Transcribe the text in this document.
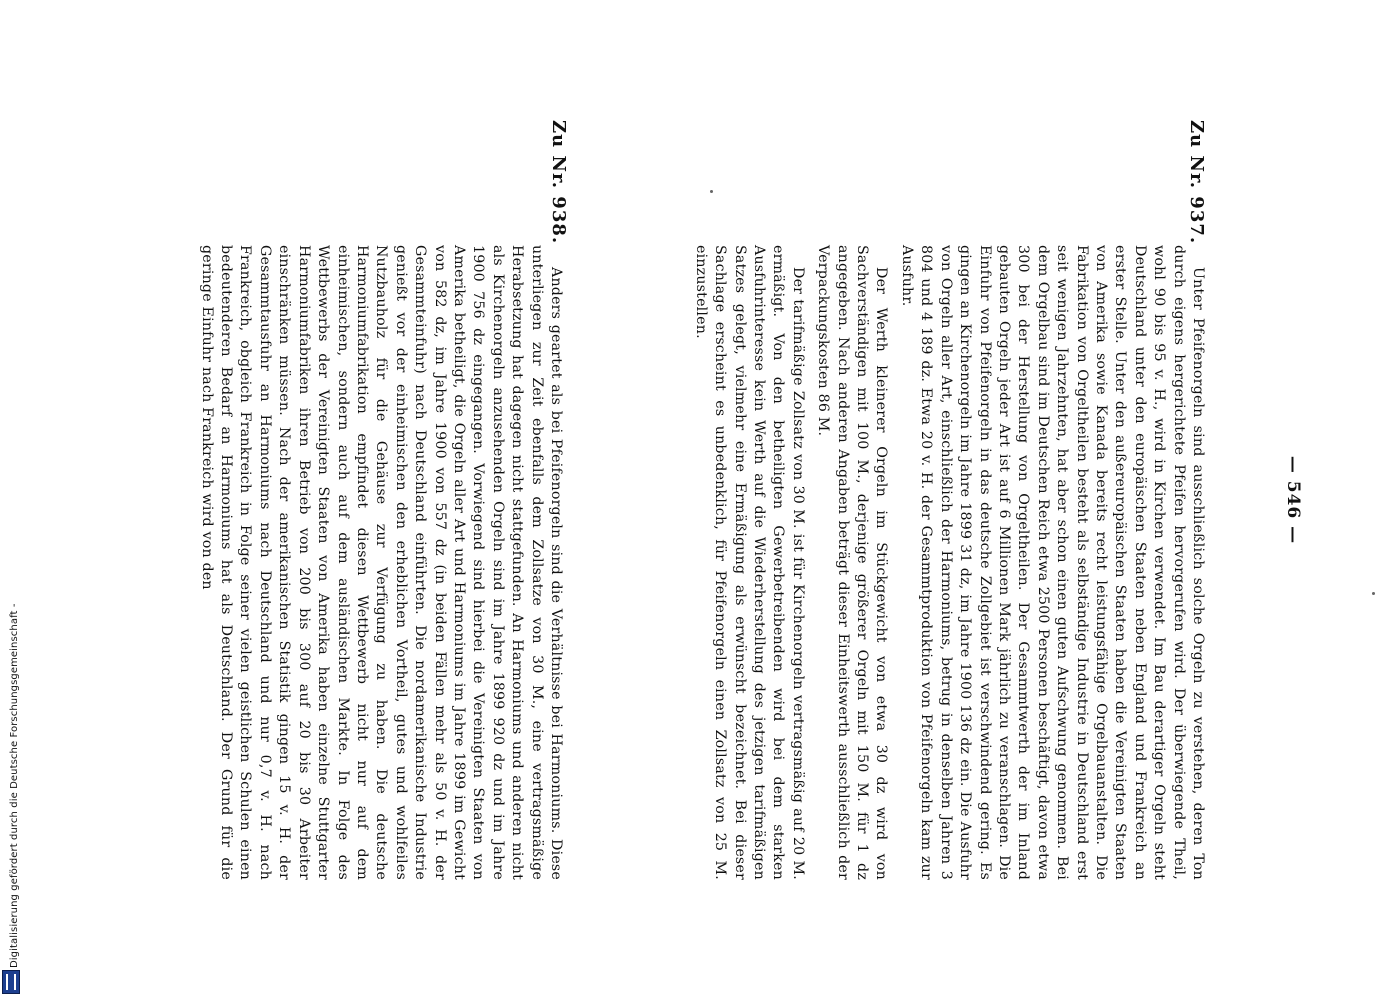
— 546 —
Zu Nr. 937.

Unter Pfeifenorgeln sind ausschließlich solche Orgeln zu verstehen, deren Ton durch eigens hergerichtete Pfeifen hervorgerufen wird. Der überwiegende Theil, wohl 90 bis 95 v. H., wird in Kirchen verwendet. Im Bau derartiger Orgeln steht Deutschland unter den europäischen Staaten neben England und Frankreich an erster Stelle. Unter den außereuropäischen Staaten haben die Vereinigten Staaten von Amerika sowie Kanada bereits recht leistungsfähige Orgelbauanstalten. Die Fabrikation von Orgeltheilen besteht als selbständige Industrie in Deutschland erst seit wenigen Jahrzehnten, hat aber schon einen guten Aufschwung genommen. Bei dem Orgelbau sind im Deutschen Reich etwa 2500 Personen beschäftigt, davon etwa 300 bei der Herstellung von Orgeltheilen. Der Gesammtwerth der im Inland gebauten Orgeln jeder Art ist auf 6 Millionen Mark jährlich zu veranschlagen. Die Einfuhr von Pfeifenorgeln in das deutsche Zollgebiet ist verschwindend gering. Es gingen an Kirchenorgeln im Jahre 1899 31 dz, im Jahre 1900 136 dz ein. Die Ausfuhr von Orgeln aller Art, einschließlich der Harmoniums, betrug in denselben Jahren 3 804 und 4 189 dz. Etwa 20 v. H. der Gesammtproduktion von Pfeifenorgeln kam zur Ausfuhr.

Der Werth kleinerer Orgeln im Stückgewicht von etwa 30 dz wird von Sachverständigen mit 100 M., derjenige größerer Orgeln mit 150 M. für 1 dz angegeben. Nach anderen Angaben beträgt dieser Einheitswerth ausschließlich der Verpackungskosten 86 M.

Der tarifmäßige Zollsatz von 30 M. ist für Kirchenorgeln vertragsmäßig auf 20 M. ermäßigt. Von den betheiligten Gewerbetreibenden wird bei dem starken Ausfuhrinteresse kein Werth auf die Wiederherstellung des jetzigen tarifmäßigen Satzes gelegt, vielmehr eine Ermäßigung als erwünscht bezeichnet. Bei dieser Sachlage erscheint es unbedenklich, für Pfeifenorgeln einen Zollsatz von 25 M. einzustellen.

Zu Nr. 938.

Anders geartet als bei Pfeifenorgeln sind die Verhältnisse bei Harmoniums. Diese unterliegen zur Zeit ebenfalls dem Zollsatze von 30 M., eine vertragsmäßige Herabsetzung hat dagegen nicht stattgefunden. An Harmoniums und anderen nicht als Kirchenorgeln anzusehenden Orgeln sind im Jahre 1899 920 dz und im Jahre 1900 756 dz eingegangen. Vorwiegend sind hierbei die Vereinigten Staaten von Amerika betheiligt, die Orgeln aller Art und Harmoniums im Jahre 1899 im Gewicht von 582 dz, im Jahre 1900 von 557 dz (in beiden Fällen mehr als 50 v. H. der Gesammteinfuhr) nach Deutschland einführten. Die nordamerikanische Industrie genießt vor der einheimischen den erheblichen Vortheil, gutes und wohlfeiles Nutzbauholz für die Gehäuse zur Verfügung zu haben. Die deutsche Harmoniumfabrikation empfindet diesen Wettbewerb nicht nur auf dem einheimischen, sondern auch auf dem ausländischen Markte. In Folge des Wettbewerbs der Vereinigten Staaten von Amerika haben einzelne Stuttgarter Harmoniumfabriken ihren Betrieb von 200 bis 300 auf 20 bis 30 Arbeiter einschränken müssen. Nach der amerikanischen Statistik gingen 15 v. H. der Gesammtausfuhr an Harmoniums nach Deutschland und nur 0,7 v. H. nach Frankreich, obgleich Frankreich in Folge seiner vielen geistlichen Schulen einen bedeutenderen Bedarf an Harmoniums hat als Deutschland. Der Grund für die geringe Einfuhr nach Frankreich wird von den

Digitalisierung gefördert durch die Deutsche Forschungsgemeinschaft -
